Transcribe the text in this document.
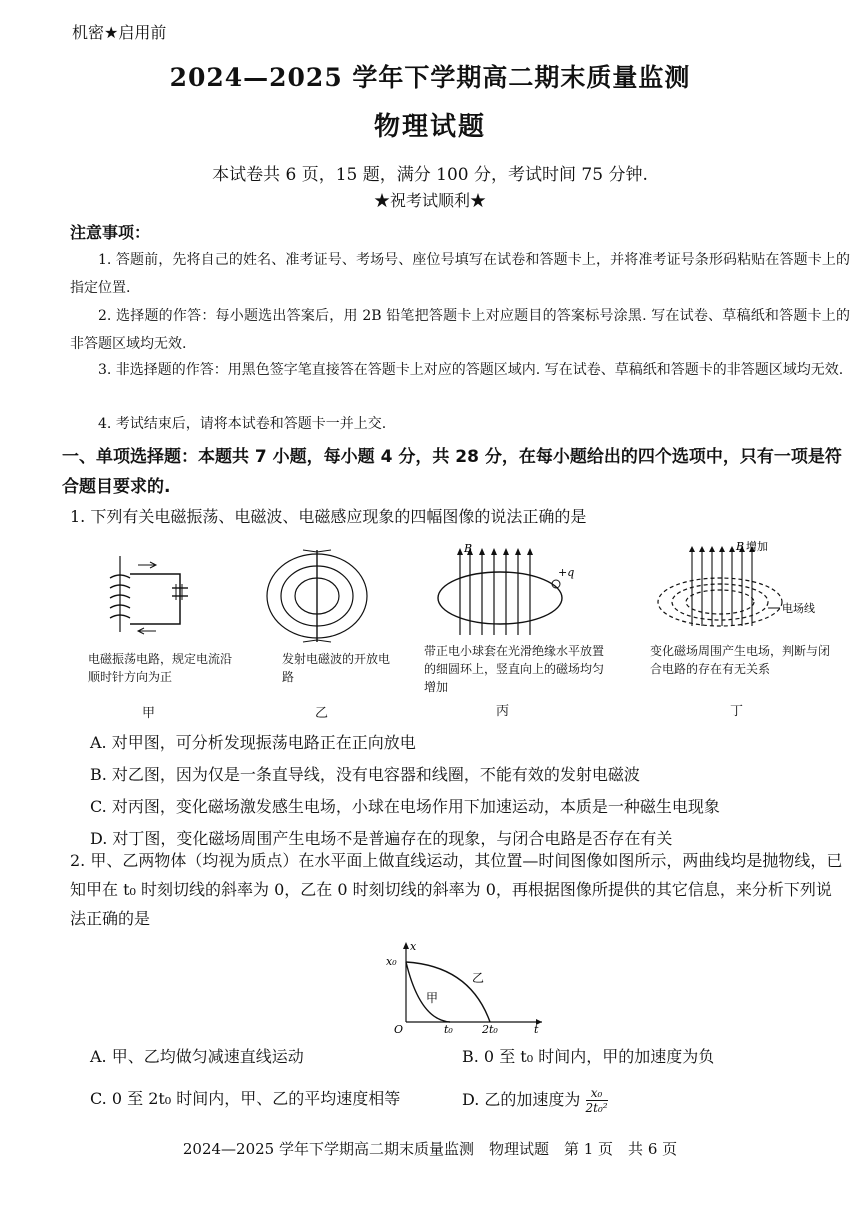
机密★启用前
2024—2025 学年下学期高二期末质量监测
物理试题
本试卷共 6 页，15 题，满分 100 分，考试时间 75 分钟.
★祝考试顺利★
注意事项：
1. 答题前，先将自己的姓名、准考证号、考场号、座位号填写在试卷和答题卡上，并将准考证号条形码粘贴在答题卡上的指定位置.
2. 选择题的作答：每小题选出答案后，用 2B 铅笔把答题卡上对应题目的答案标号涂黑. 写在试卷、草稿纸和答题卡上的非答题区域均无效.
3. 非选择题的作答：用黑色签字笔直接答在答题卡上对应的答题区域内. 写在试卷、草稿纸和答题卡的非答题区域均无效.
4. 考试结束后，请将本试卷和答题卡一并上交.
一、单项选择题：本题共 7 小题，每小题 4 分，共 28 分，在每小题给出的四个选项中，只有一项是符合题目要求的.
1. 下列有关电磁振荡、电磁波、电磁感应现象的四幅图像的说法正确的是
电磁振荡电路，规定电流沿顺时针方向为正
甲
发射电磁波的开放电路
乙
B
+q
带正电小球套在光滑绝缘水平放置的细圆环上，竖直向上的磁场均匀增加
丙
B 增加
电场线
变化磁场周围产生电场，判断与闭合电路的存在有无关系
丁
A. 对甲图，可分析发现振荡电路正在正向放电
B. 对乙图，因为仅是一条直导线，没有电容器和线圈，不能有效的发射电磁波
C. 对丙图，变化磁场激发感生电场，小球在电场作用下加速运动，本质是一种磁生电现象
D. 对丁图，变化磁场周围产生电场不是普遍存在的现象，与闭合电路是否存在有关
2. 甲、乙两物体（均视为质点）在水平面上做直线运动，其位置—时间图像如图所示，两曲线均是抛物线，已知甲在 t₀ 时刻切线的斜率为 0，乙在 0 时刻切线的斜率为 0，再根据图像所提供的其它信息，来分析下列说法正确的是
x
t
O
x₀
t₀	2t₀
甲
乙
A. 甲、乙均做匀减速直线运动	B. 0 至 t₀ 时间内，甲的加速度为负
C. 0 至 2t₀ 时间内，甲、乙的平均速度相等	D. 乙的加速度为 $\frac{\text{x₀}}{\text{2t₀²}}$
2024—2025 学年下学期高二期末质量监测　物理试题　第 1 页　共 6 页
